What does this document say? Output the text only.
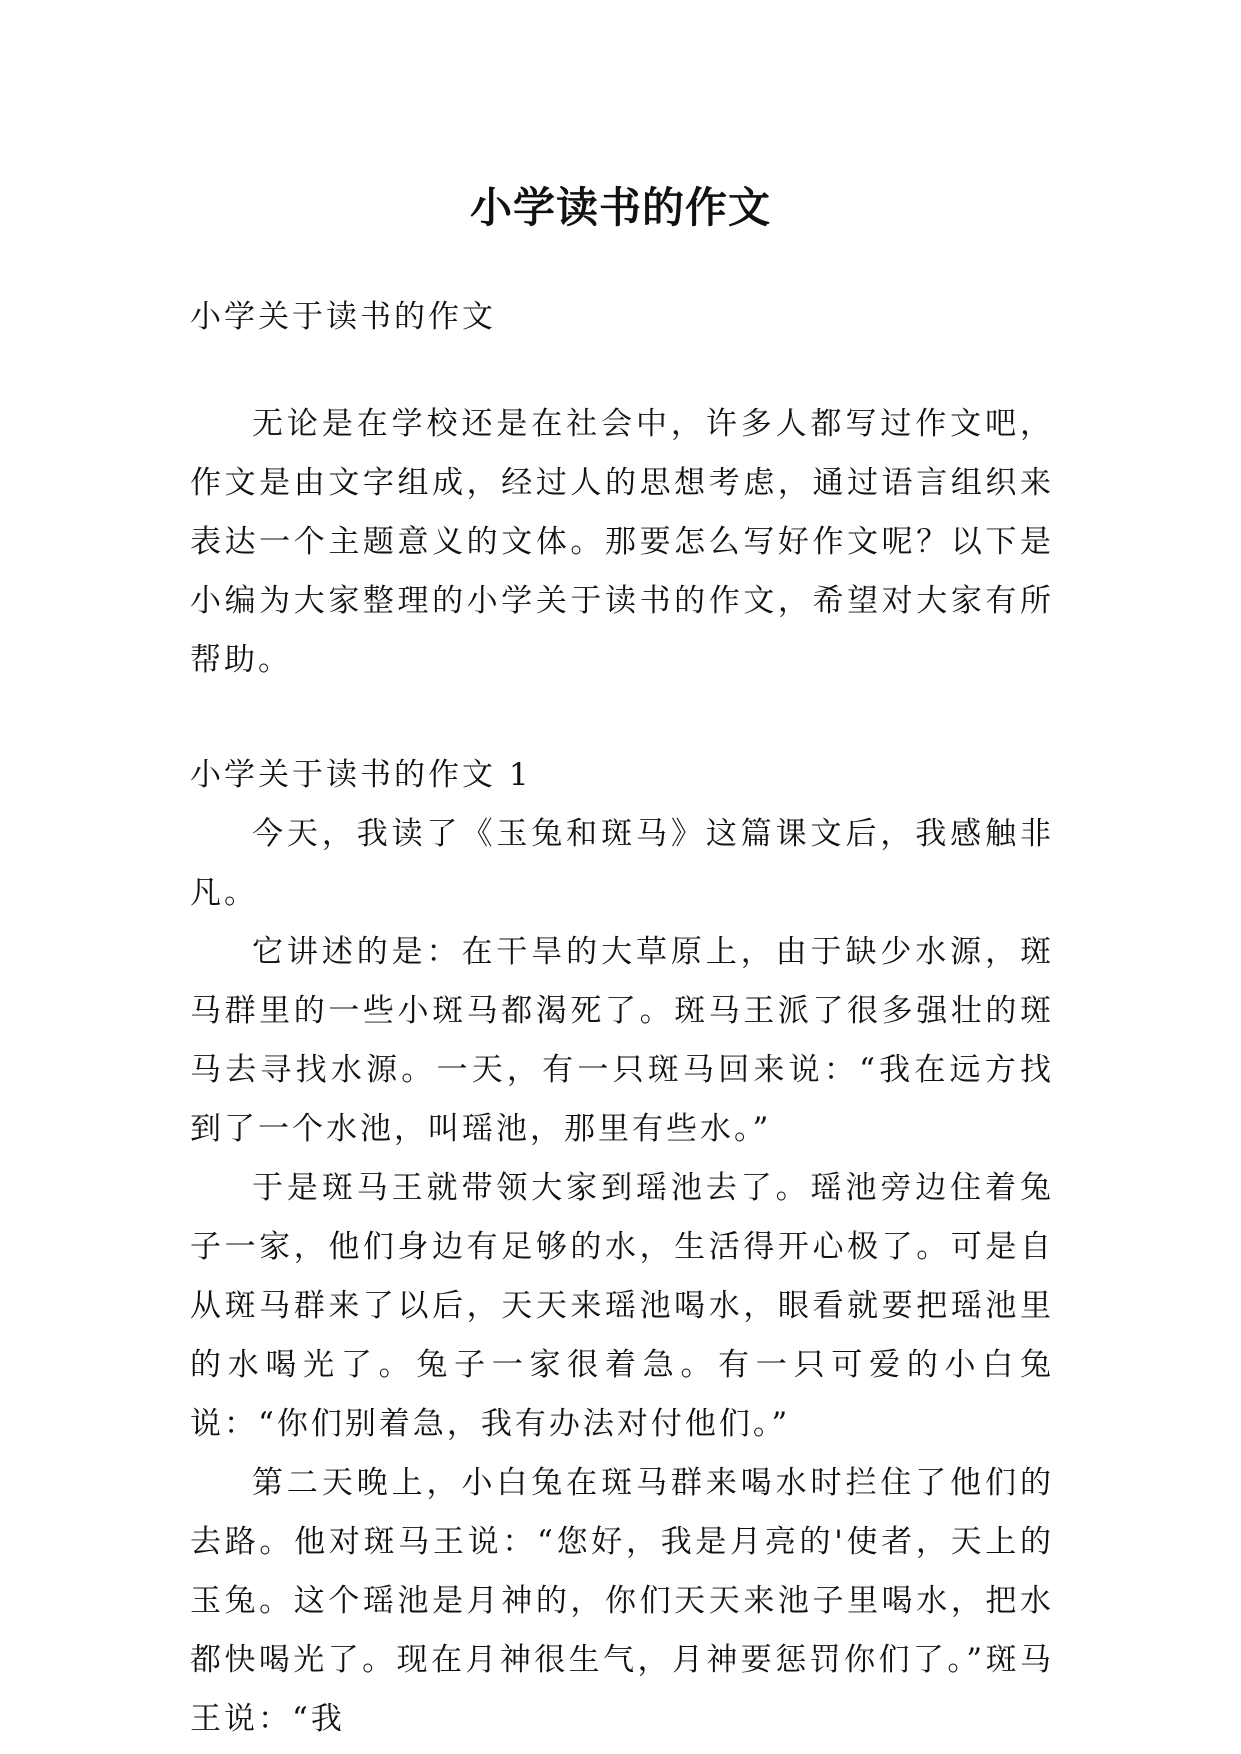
小学读书的作文

小学关于读书的作文

无论是在学校还是在社会中，许多人都写过作文吧，作文是由文字组成，经过人的思想考虑，通过语言组织来表达一个主题意义的文体。那要怎么写好作文呢？以下是小编为大家整理的小学关于读书的作文，希望对大家有所帮助。

小学关于读书的作文 1

今天，我读了《玉兔和斑马》这篇课文后，我感触非凡。

它讲述的是：在干旱的大草原上，由于缺少水源，斑马群里的一些小斑马都渴死了。斑马王派了很多强壮的斑马去寻找水源。一天，有一只斑马回来说：“我在远方找到了一个水池，叫瑶池，那里有些水。”

于是斑马王就带领大家到瑶池去了。瑶池旁边住着兔子一家，他们身边有足够的水，生活得开心极了。可是自从斑马群来了以后，天天来瑶池喝水，眼看就要把瑶池里的水喝光了。兔子一家很着急。有一只可爱的小白兔说：“你们别着急，我有办法对付他们。”

第二天晚上，小白兔在斑马群来喝水时拦住了他们的去路。他对斑马王说：“您好，我是月亮的'使者，天上的玉兔。这个瑶池是月神的，你们天天来池子里喝水，把水都快喝光了。现在月神很生气，月神要惩罚你们了。”斑马王说：“我
